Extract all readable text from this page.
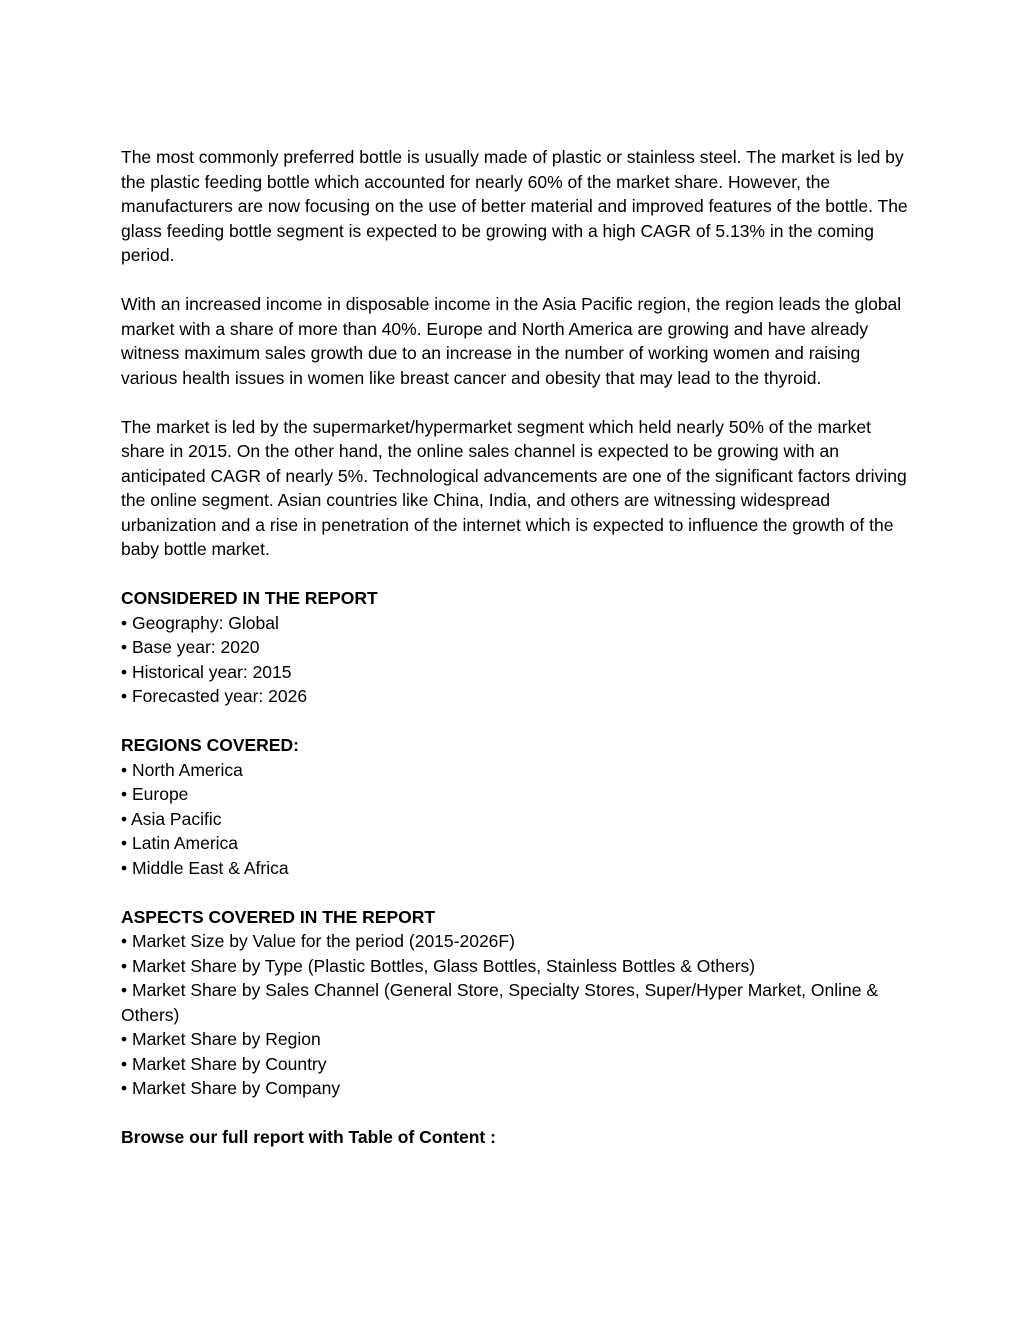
The most commonly preferred bottle is usually made of plastic or stainless steel. The market is led by the plastic feeding bottle which accounted for nearly 60% of the market share. However, the manufacturers are now focusing on the use of better material and improved features of the bottle. The glass feeding bottle segment is expected to be growing with a high CAGR of 5.13% in the coming period.

With an increased income in disposable income in the Asia Pacific region, the region leads the global market with a share of more than 40%. Europe and North America are growing and have already witness maximum sales growth due to an increase in the number of working women and raising various health issues in women like breast cancer and obesity that may lead to the thyroid.

The market is led by the supermarket/hypermarket segment which held nearly 50% of the market share in 2015. On the other hand, the online sales channel is expected to be growing with an anticipated CAGR of nearly 5%. Technological advancements are one of the significant factors driving the online segment. Asian countries like China, India, and others are witnessing widespread urbanization and a rise in penetration of the internet which is expected to influence the growth of the baby bottle market.

CONSIDERED IN THE REPORT

• Geography: Global
• Base year: 2020
• Historical year: 2015
• Forecasted year: 2026

REGIONS COVERED:

• North America
• Europe
• Asia Pacific
• Latin America
• Middle East & Africa

ASPECTS COVERED IN THE REPORT

• Market Size by Value for the period (2015-2026F)
• Market Share by Type (Plastic Bottles, Glass Bottles, Stainless Bottles & Others)
• Market Share by Sales Channel (General Store, Specialty Stores, Super/Hyper Market, Online & Others)
• Market Share by Region
• Market Share by Country
• Market Share by Company

Browse our full report with Table of Content :
